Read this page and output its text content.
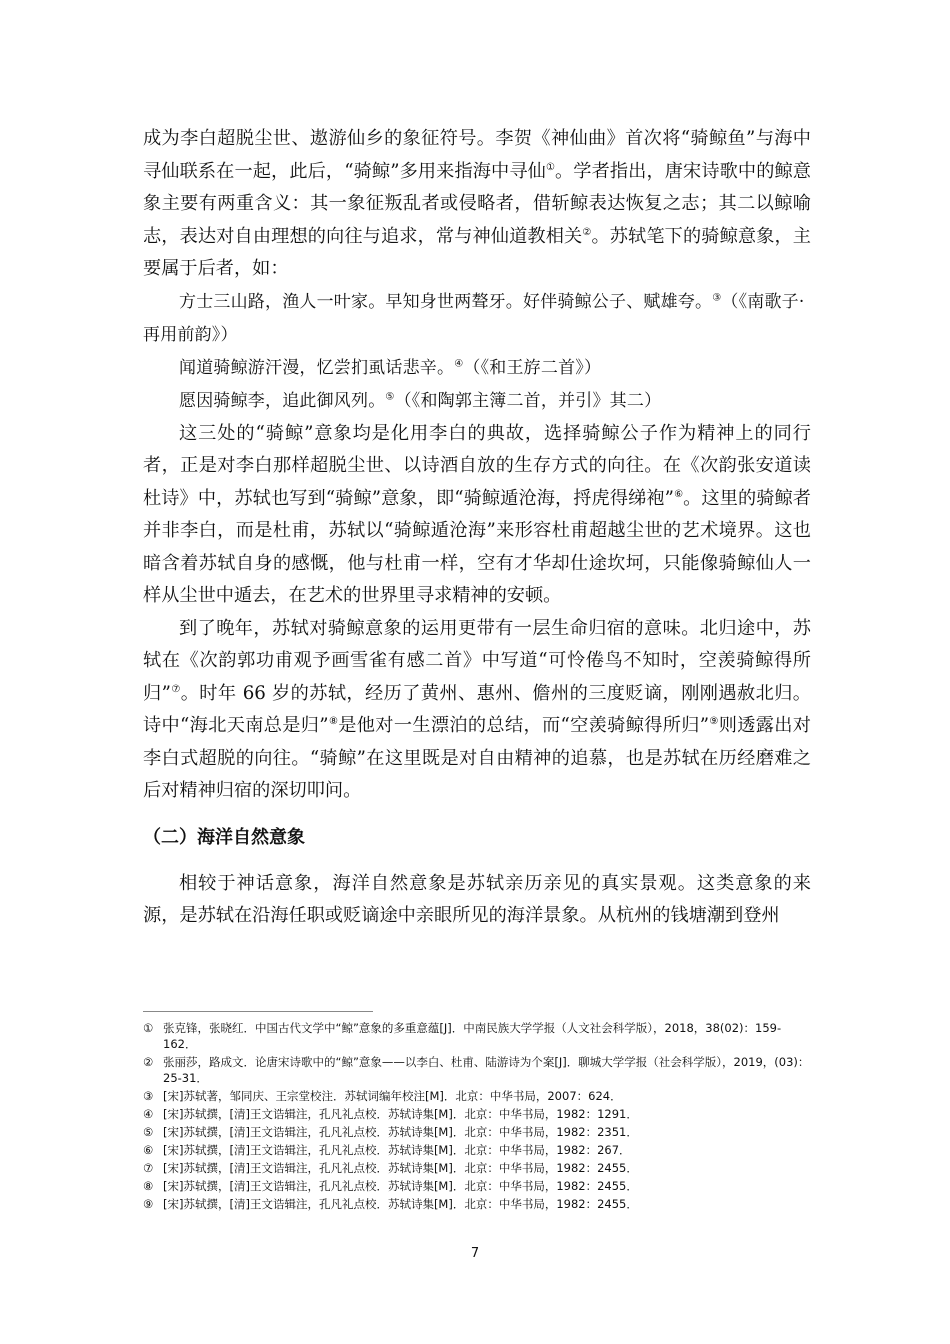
成为李白超脱尘世、遨游仙乡的象征符号。李贺《神仙曲》首次将“骑鲸鱼”与海中寻仙联系在一起，此后，“骑鲸”多用来指海中寻仙①。学者指出，唐宋诗歌中的鲸意象主要有两重含义：其一象征叛乱者或侵略者，借斩鲸表达恢复之志；其二以鲸喻志，表达对自由理想的向往与追求，常与神仙道教相关②。苏轼笔下的骑鲸意象，主要属于后者，如：

方士三山路，渔人一叶家。早知身世两聱牙。好伴骑鲸公子、赋雄夸。③（《南歌子·再用前韵》）

闻道骑鲸游汗漫，忆尝扪虱话悲辛。④（《和王斿二首》）

愿因骑鲸李，追此御风列。⑤（《和陶郭主簿二首，并引》其二）

这三处的“骑鲸”意象均是化用李白的典故，选择骑鲸公子作为精神上的同行者，正是对李白那样超脱尘世、以诗酒自放的生存方式的向往。在《次韵张安道读杜诗》中，苏轼也写到“骑鲸”意象，即“骑鲸遁沧海，捋虎得绨袍”⑥。这里的骑鲸者并非李白，而是杜甫，苏轼以“骑鲸遁沧海”来形容杜甫超越尘世的艺术境界。这也暗含着苏轼自身的感慨，他与杜甫一样，空有才华却仕途坎坷，只能像骑鲸仙人一样从尘世中遁去，在艺术的世界里寻求精神的安顿。

到了晚年，苏轼对骑鲸意象的运用更带有一层生命归宿的意味。北归途中，苏轼在《次韵郭功甫观予画雪雀有感二首》中写道“可怜倦鸟不知时，空羡骑鲸得所归”⑦。时年 66 岁的苏轼，经历了黄州、惠州、儋州的三度贬谪，刚刚遇赦北归。诗中“海北天南总是归”⑧是他对一生漂泊的总结，而“空羡骑鲸得所归”⑨则透露出对李白式超脱的向往。“骑鲸”在这里既是对自由精神的追慕，也是苏轼在历经磨难之后对精神归宿的深切叩问。

（二）海洋自然意象

相较于神话意象，海洋自然意象是苏轼亲历亲见的真实景观。这类意象的来源，是苏轼在沿海任职或贬谪途中亲眼所见的海洋景象。从杭州的钱塘潮到登州

① 张克锋，张晓红．中国古代文学中“鲸”意象的多重意蕴[J]．中南民族大学学报（人文社会科学版），2018，38(02)：159-162．
② 张丽莎，路成文．论唐宋诗歌中的“鲸”意象——以李白、杜甫、陆游诗为个案[J]．聊城大学学报（社会科学版），2019，(03)：25-31．
③ [宋]苏轼著，邹同庆、王宗堂校注．苏轼词编年校注[M]．北京：中华书局，2007：624．
④ [宋]苏轼撰，[清]王文诰辑注，孔凡礼点校．苏轼诗集[M]．北京：中华书局，1982：1291．
⑤ [宋]苏轼撰，[清]王文诰辑注，孔凡礼点校．苏轼诗集[M]．北京：中华书局，1982：2351．
⑥ [宋]苏轼撰，[清]王文诰辑注，孔凡礼点校．苏轼诗集[M]．北京：中华书局，1982：267．
⑦ [宋]苏轼撰，[清]王文诰辑注，孔凡礼点校．苏轼诗集[M]．北京：中华书局，1982：2455．
⑧ [宋]苏轼撰，[清]王文诰辑注，孔凡礼点校．苏轼诗集[M]．北京：中华书局，1982：2455．
⑨ [宋]苏轼撰，[清]王文诰辑注，孔凡礼点校．苏轼诗集[M]．北京：中华书局，1982：2455．
7
